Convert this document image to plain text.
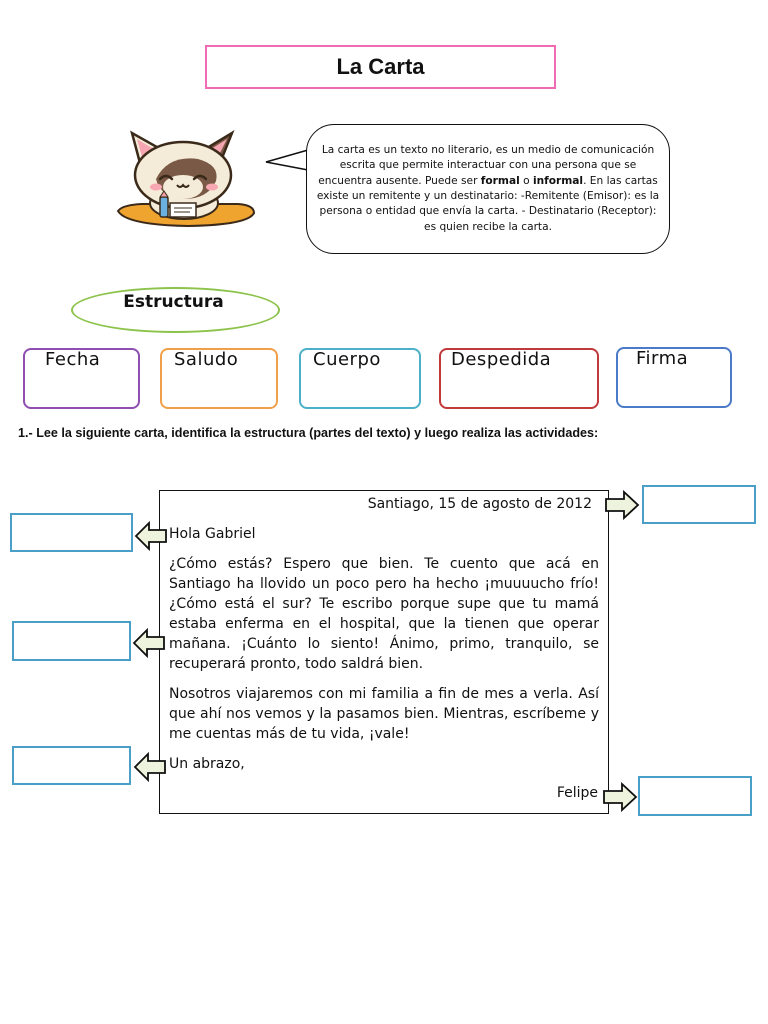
La Carta
La carta es un texto no literario, es un medio de comunicación escrita que permite interactuar con una persona que se encuentra ausente. Puede ser formal o informal. En las cartas existe un remitente y un destinatario: -Remitente (Emisor): es la persona o entidad que envía la carta. - Destinatario (Receptor): es quien recibe la carta.
Estructura
Fecha	Saludo	Cuerpo	Despedida	Firma
1.- Lee la siguiente carta, identifica la estructura (partes del texto) y luego realiza las actividades:
Santiago, 15 de agosto de 2012
Hola Gabriel
¿Cómo estás? Espero que bien. Te cuento que acá en Santiago ha llovido un poco pero ha hecho ¡muuuucho frío! ¿Cómo está el sur? Te escribo porque supe que tu mamá estaba enferma en el hospital, que la tienen que operar mañana. ¡Cuánto lo siento! Ánimo, primo, tranquilo, se recuperará pronto, todo saldrá bien.
Nosotros viajaremos con mi familia a fin de mes a verla. Así que ahí nos vemos y la pasamos bien. Mientras, escríbeme y me cuentas más de tu vida, ¡vale!
Un abrazo,
Felipe
